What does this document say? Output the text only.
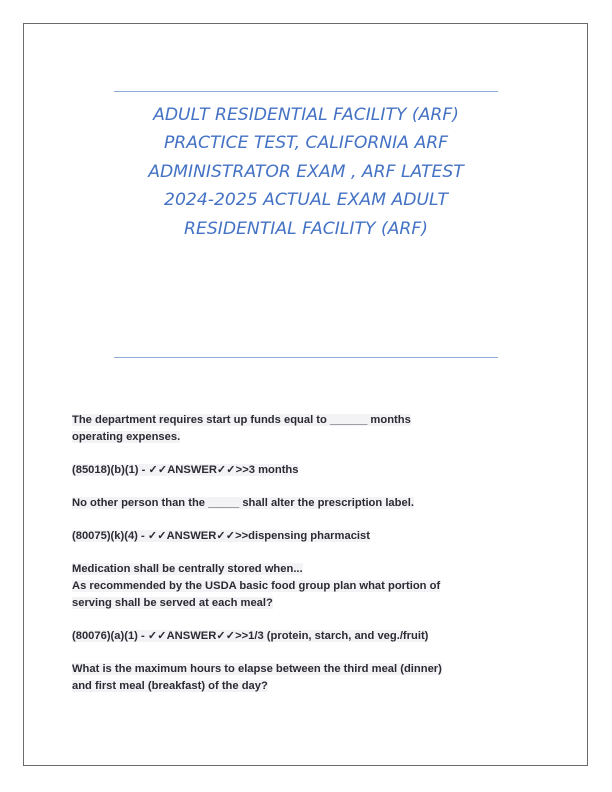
ADULT RESIDENTIAL FACILITY (ARF)
PRACTICE TEST, CALIFORNIA ARF
ADMINISTRATOR EXAM , ARF LATEST
2024-2025 ACTUAL EXAM ADULT
RESIDENTIAL FACILITY (ARF)

The department requires start up funds equal to ______ months
operating expenses.

(85018)(b)(1) - ✓✓ANSWER✓✓>>3 months

No other person than the _____ shall alter the prescription label.

(80075)(k)(4) - ✓✓ANSWER✓✓>>dispensing pharmacist

Medication shall be centrally stored when...
As recommended by the USDA basic food group plan what portion of
serving shall be served at each meal?

(80076)(a)(1) - ✓✓ANSWER✓✓>>1/3 (protein, starch, and veg./fruit)

What is the maximum hours to elapse between the third meal (dinner)
and first meal (breakfast) of the day?
